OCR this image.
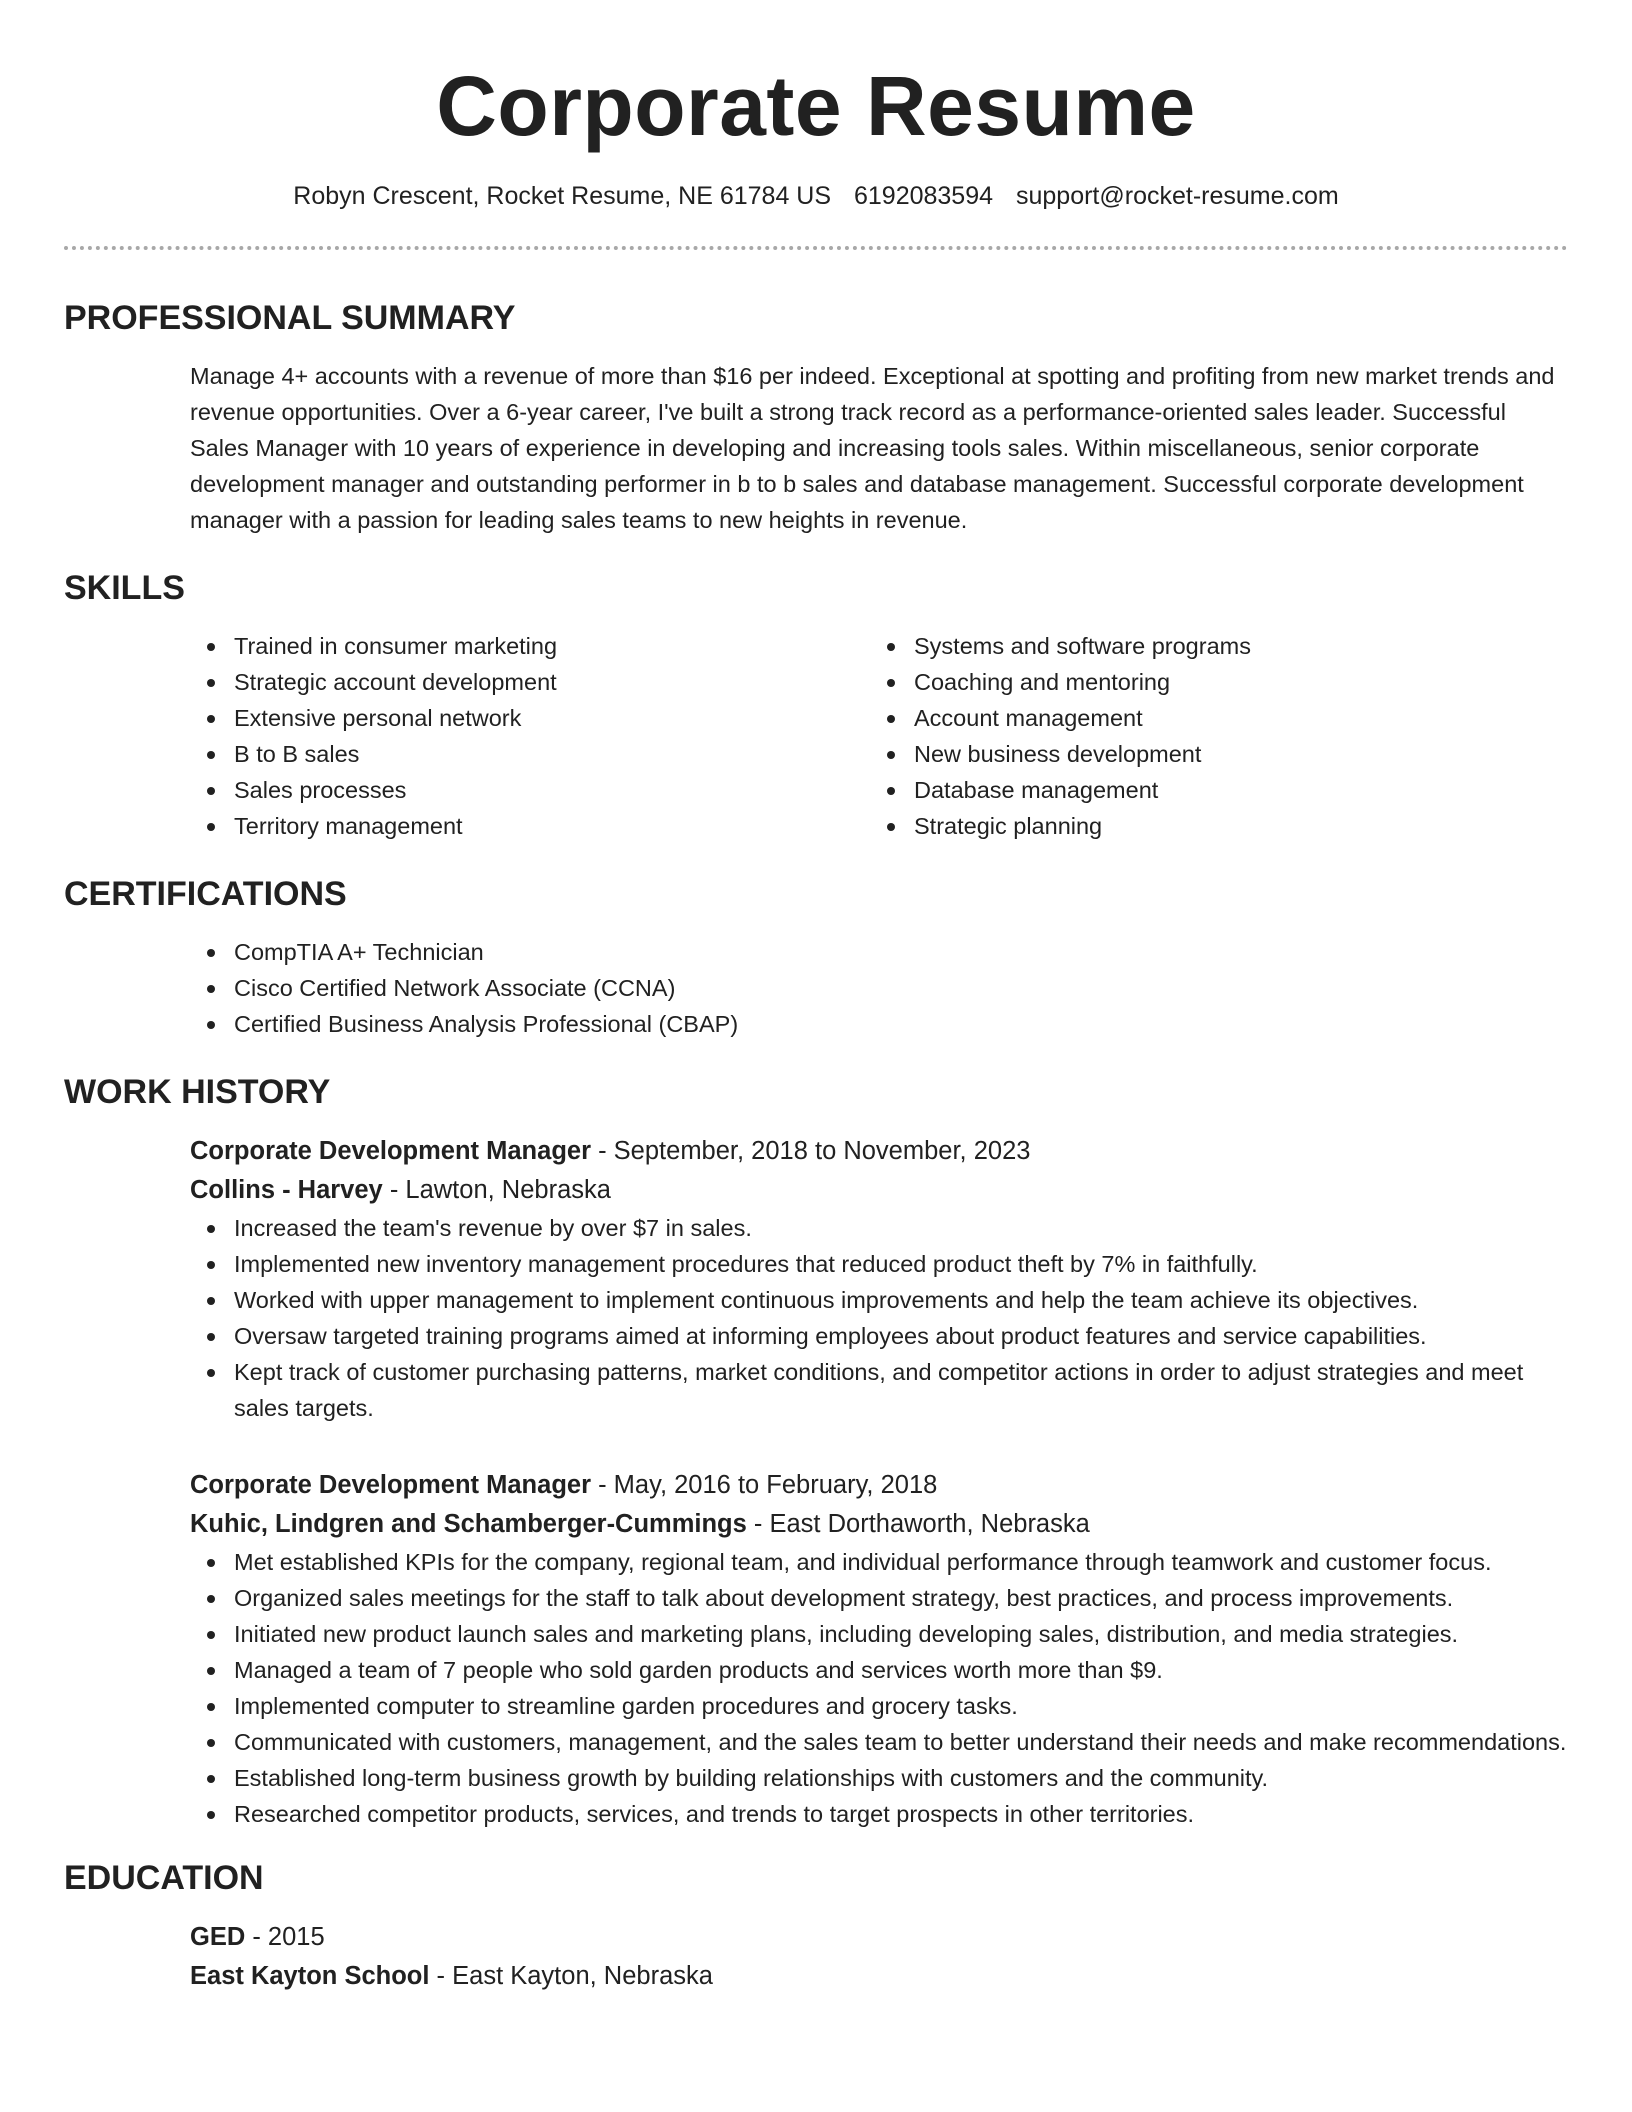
Corporate Resume
Robyn Crescent, Rocket Resume, NE 61784 US 6192083594 support@rocket-resume.com
PROFESSIONAL SUMMARY
Manage 4+ accounts with a revenue of more than $16 per indeed. Exceptional at spotting and profiting from new market trends and revenue opportunities. Over a 6-year career, I've built a strong track record as a performance-oriented sales leader. Successful Sales Manager with 10 years of experience in developing and increasing tools sales. Within miscellaneous, senior corporate development manager and outstanding performer in b to b sales and database management. Successful corporate development manager with a passion for leading sales teams to new heights in revenue.
SKILLS
Trained in consumer marketing
Strategic account development
Extensive personal network
B to B sales
Sales processes
Territory management
Systems and software programs
Coaching and mentoring
Account management
New business development
Database management
Strategic planning
CERTIFICATIONS
CompTIA A+ Technician
Cisco Certified Network Associate (CCNA)
Certified Business Analysis Professional (CBAP)
WORK HISTORY
Corporate Development Manager - September, 2018 to November, 2023
Collins - Harvey - Lawton, Nebraska
Increased the team's revenue by over $7 in sales.
Implemented new inventory management procedures that reduced product theft by 7% in faithfully.
Worked with upper management to implement continuous improvements and help the team achieve its objectives.
Oversaw targeted training programs aimed at informing employees about product features and service capabilities.
Kept track of customer purchasing patterns, market conditions, and competitor actions in order to adjust strategies and meet sales targets.
Corporate Development Manager - May, 2016 to February, 2018
Kuhic, Lindgren and Schamberger-Cummings - East Dorthaworth, Nebraska
Met established KPIs for the company, regional team, and individual performance through teamwork and customer focus.
Organized sales meetings for the staff to talk about development strategy, best practices, and process improvements.
Initiated new product launch sales and marketing plans, including developing sales, distribution, and media strategies.
Managed a team of 7 people who sold garden products and services worth more than $9.
Implemented computer to streamline garden procedures and grocery tasks.
Communicated with customers, management, and the sales team to better understand their needs and make recommendations.
Established long-term business growth by building relationships with customers and the community.
Researched competitor products, services, and trends to target prospects in other territories.
EDUCATION
GED - 2015
East Kayton School - East Kayton, Nebraska
